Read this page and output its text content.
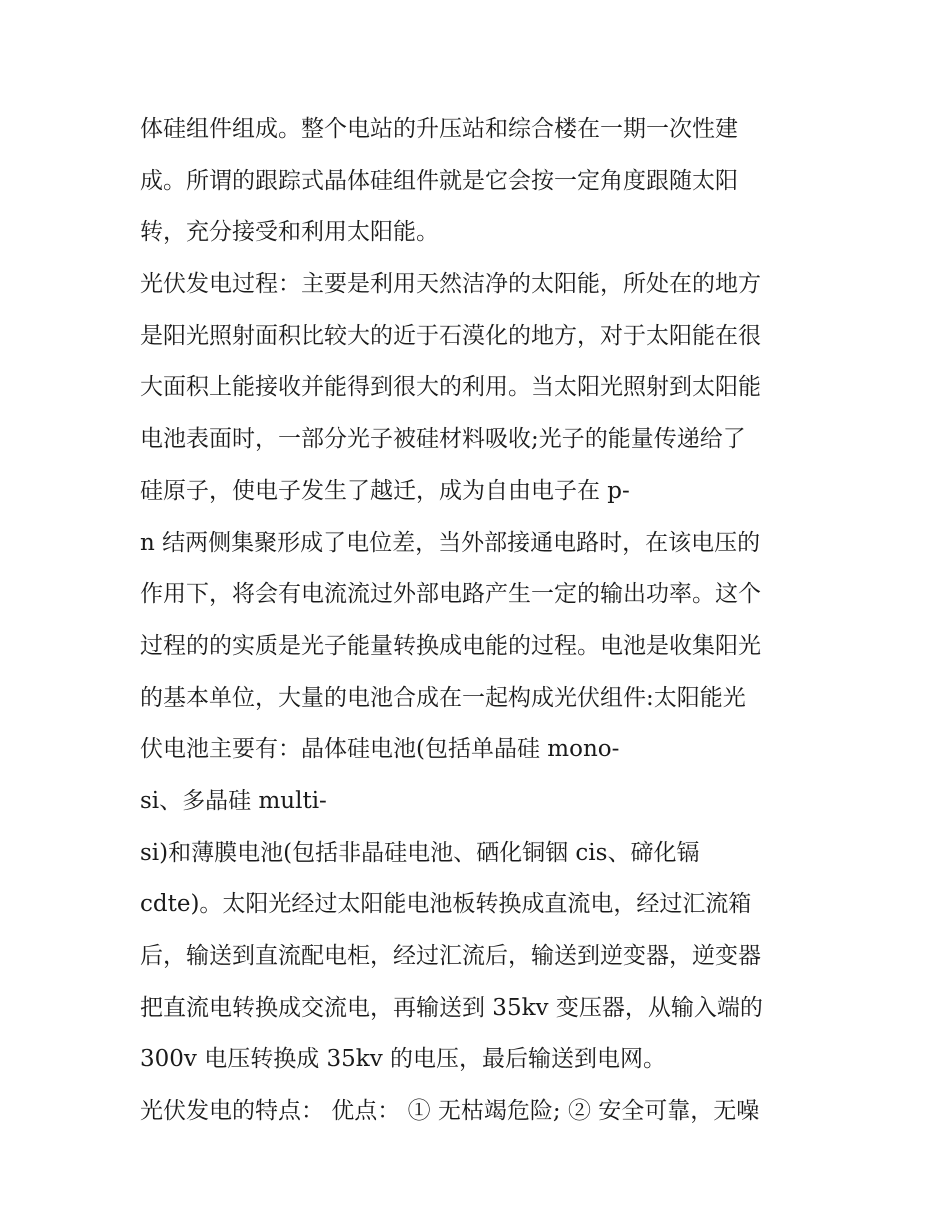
体硅组件组成。整个电站的升压站和综合楼在一期一次性建
成。所谓的跟踪式晶体硅组件就是它会按一定角度跟随太阳
转，充分接受和利用太阳能。
光伏发电过程：主要是利用天然洁净的太阳能，所处在的地方
是阳光照射面积比较大的近于石漠化的地方，对于太阳能在很
大面积上能接收并能得到很大的利用。当太阳光照射到太阳能
电池表面时，一部分光子被硅材料吸收;光子的能量传递给了
硅原子，使电子发生了越迁，成为自由电子在 p-
n 结两侧集聚形成了电位差，当外部接通电路时，在该电压的
作用下，将会有电流流过外部电路产生一定的输出功率。这个
过程的的实质是光子能量转换成电能的过程。电池是收集阳光
的基本单位，大量的电池合成在一起构成光伏组件:太阳能光
伏电池主要有：晶体硅电池(包括单晶硅 mono-
si、多晶硅 multi-
si)和薄膜电池(包括非晶硅电池、硒化铜铟 cis、碲化镉
cdte)。太阳光经过太阳能电池板转换成直流电，经过汇流箱
后，输送到直流配电柜，经过汇流后，输送到逆变器，逆变器
把直流电转换成交流电，再输送到 35kv 变压器，从输入端的
300v 电压转换成 35kv 的电压，最后输送到电网。
光伏发电的特点： 优点： ① 无枯竭危险; ② 安全可靠，无噪
